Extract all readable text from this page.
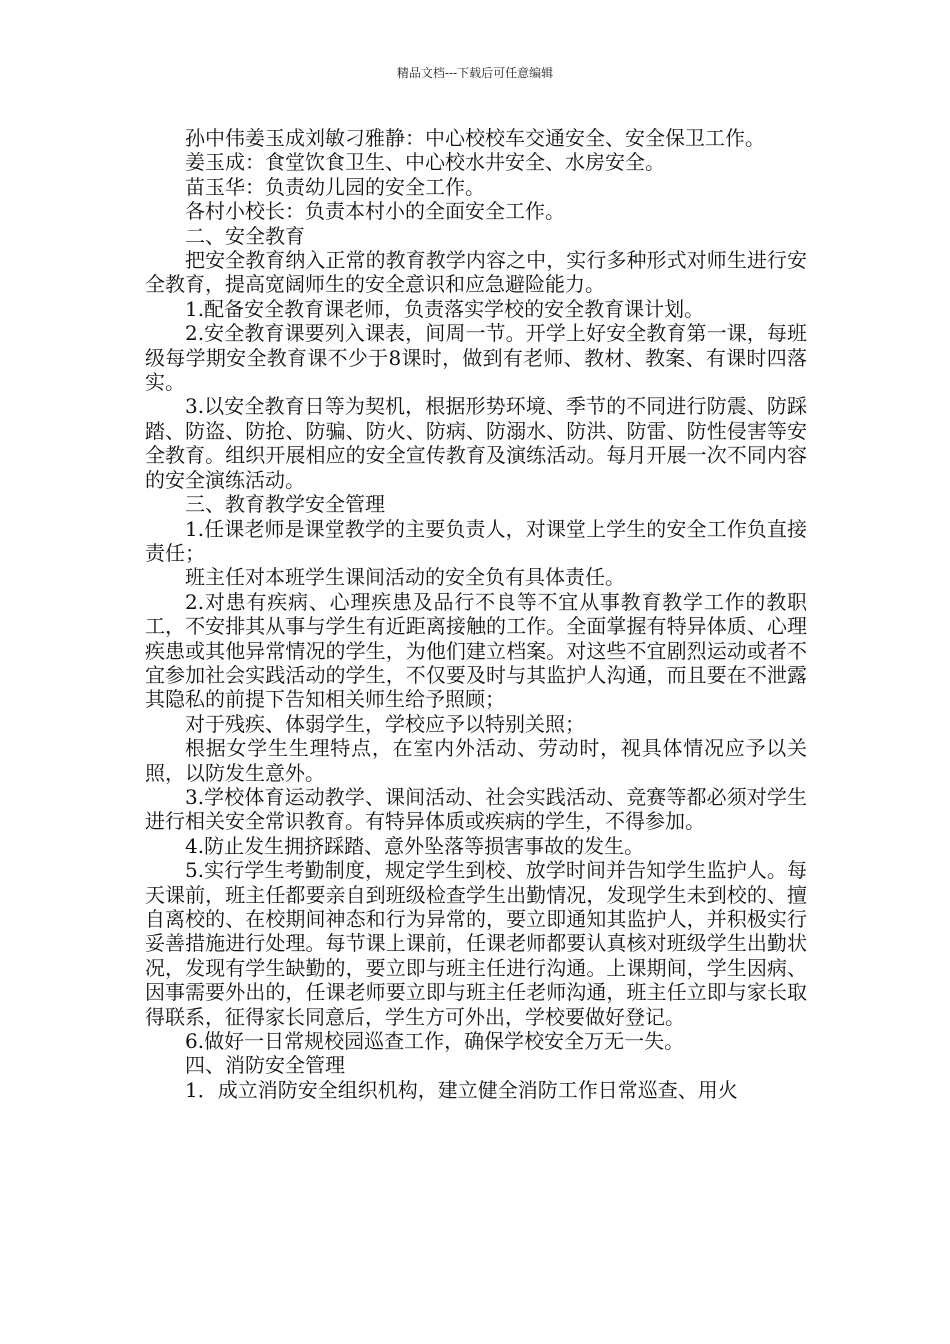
精品文档---下载后可任意编辑

孙中伟姜玉成刘敏刁雅静：中心校校车交通安全、安全保卫工作。

姜玉成：食堂饮食卫生、中心校水井安全、水房安全。

苗玉华：负责幼儿园的安全工作。

各村小校长：负责本村小的全面安全工作。

二、安全教育

把安全教育纳入正常的教育教学内容之中，实行多种形式对师生进行安全教育，提高宽阔师生的安全意识和应急避险能力。

1.配备安全教育课老师，负责落实学校的安全教育课计划。

2.安全教育课要列入课表，间周一节。开学上好安全教育第一课，每班级每学期安全教育课不少于8课时，做到有老师、教材、教案、有课时四落实。

3.以安全教育日等为契机，根据形势环境、季节的不同进行防震、防踩踏、防盗、防抢、防骗、防火、防病、防溺水、防洪、防雷、防性侵害等安全教育。组织开展相应的安全宣传教育及演练活动。每月开展一次不同内容的安全演练活动。

三、教育教学安全管理

1.任课老师是课堂教学的主要负责人，对课堂上学生的安全工作负直接责任；

班主任对本班学生课间活动的安全负有具体责任。

2.对患有疾病、心理疾患及品行不良等不宜从事教育教学工作的教职工，不安排其从事与学生有近距离接触的工作。全面掌握有特异体质、心理疾患或其他异常情况的学生，为他们建立档案。对这些不宜剧烈运动或者不宜参加社会实践活动的学生，不仅要及时与其监护人沟通，而且要在不泄露其隐私的前提下告知相关师生给予照顾；

对于残疾、体弱学生，学校应予以特别关照；

根据女学生生理特点，在室内外活动、劳动时，视具体情况应予以关照，以防发生意外。

3.学校体育运动教学、课间活动、社会实践活动、竞赛等都必须对学生进行相关安全常识教育。有特异体质或疾病的学生，不得参加。

4.防止发生拥挤踩踏、意外坠落等损害事故的发生。

5.实行学生考勤制度，规定学生到校、放学时间并告知学生监护人。每天课前，班主任都要亲自到班级检查学生出勤情况，发现学生未到校的、擅自离校的、在校期间神态和行为异常的，要立即通知其监护人，并积极实行妥善措施进行处理。每节课上课前，任课老师都要认真核对班级学生出勤状况，发现有学生缺勤的，要立即与班主任进行沟通。上课期间，学生因病、因事需要外出的，任课老师要立即与班主任老师沟通，班主任立即与家长取得联系，征得家长同意后，学生方可外出，学校要做好登记。

6.做好一日常规校园巡查工作，确保学校安全万无一失。

四、消防安全管理

1．成立消防安全组织机构，建立健全消防工作日常巡查、用火
